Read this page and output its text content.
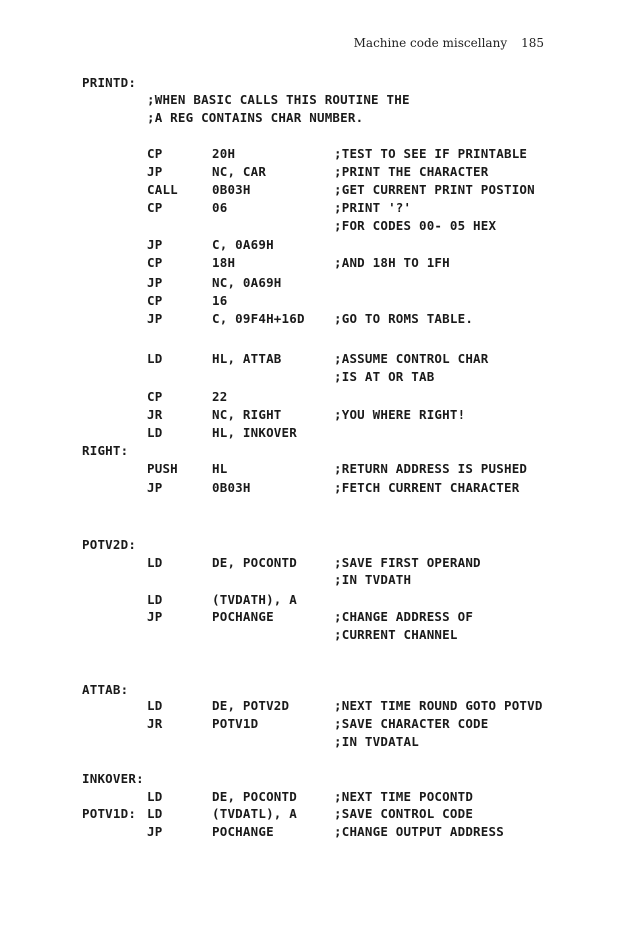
Machine code miscellany 185
PRINTD:
;WHEN BASIC CALLS THIS ROUTINE THE
;A REG CONTAINS CHAR NUMBER.
CP	20H	;TEST TO SEE IF PRINTABLE
JP	NC, CAR	;PRINT THE CHARACTER
CALL	0B03H	;GET CURRENT PRINT POSTION
CP	06	;PRINT '?'
;FOR CODES 00- 05 HEX
JP	C, 0A69H
CP	18H	;AND 18H TO 1FH
JP	NC, 0A69H
CP	16
JP	C, 09F4H+16D ;GO TO ROMS TABLE.
LD	HL, ATTAB	;ASSUME CONTROL CHAR
;IS AT OR TAB
CP	22
JR	NC, RIGHT	;YOU WHERE RIGHT!
LD	HL, INKOVER
RIGHT:
PUSH	HL	;RETURN ADDRESS IS PUSHED
JP	0B03H	;FETCH CURRENT CHARACTER
POTV2D:
LD	DE, POCONTD	;SAVE FIRST OPERAND
;IN TVDATH
LD	(TVDATH), A
JP	POCHANGE	;CHANGE ADDRESS OF
;CURRENT CHANNEL
ATTAB:
LD	DE, POTV2D	;NEXT TIME ROUND GOTO POTVD
JR	POTV1D	;SAVE CHARACTER CODE
;IN TVDATAL
INKOVER:
LD	DE, POCONTD	;NEXT TIME POCONTD
POTV1D: LD	(TVDATL), A	;SAVE CONTROL CODE
JP	POCHANGE	;CHANGE OUTPUT ADDRESS
